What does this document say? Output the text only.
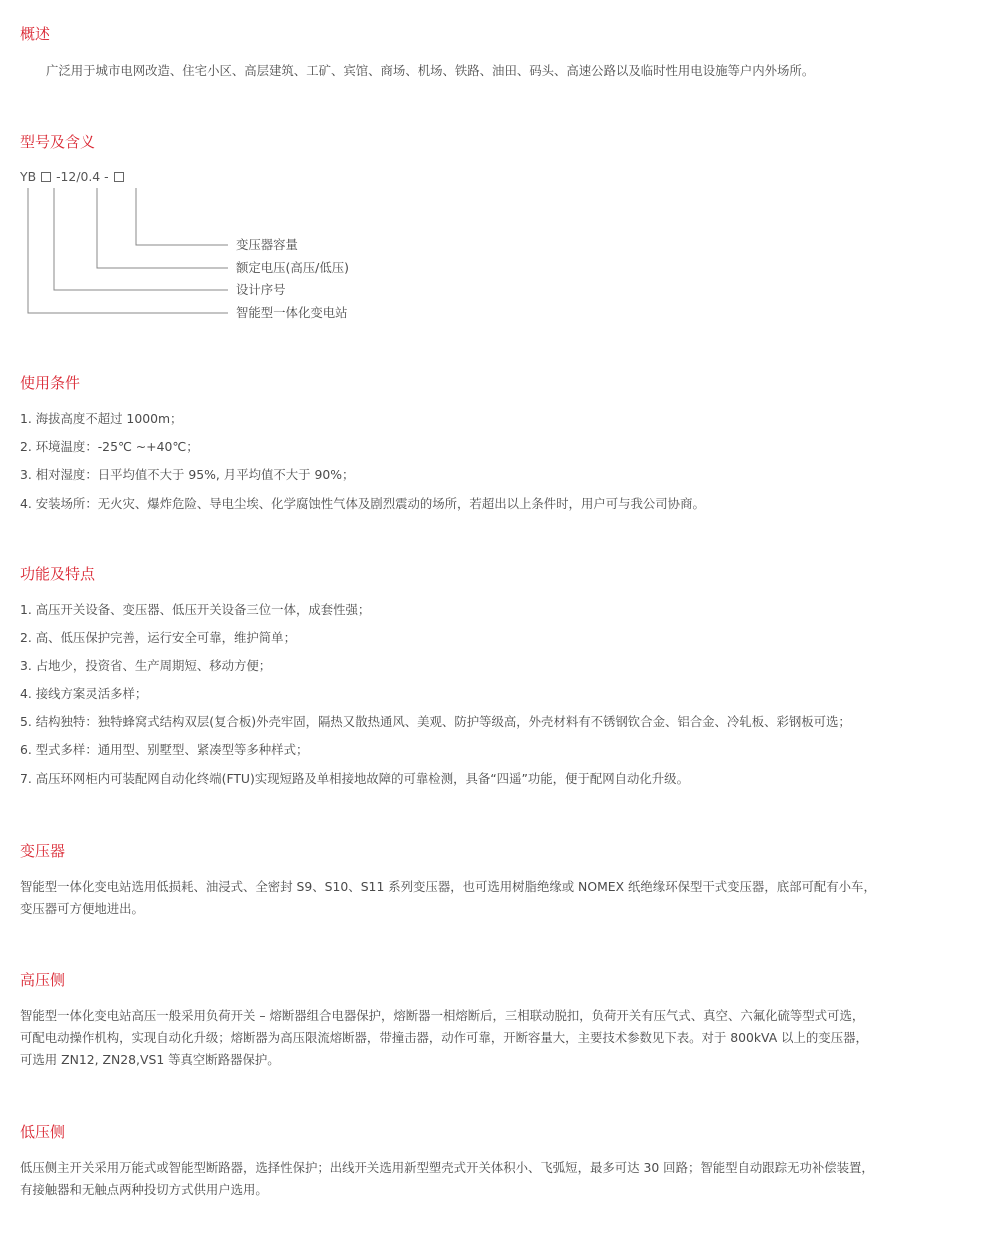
概述

广泛用于城市电网改造、住宅小区、高层建筑、工矿、宾馆、商场、机场、铁路、油田、码头、高速公路以及临时性用电设施等户内外场所。

型号及含义
YB -12/0.4 -
变压器容量
额定电压(高压/低压)
设计序号
智能型一体化变电站
使用条件

1. 海拔高度不超过 1000m；

2. 环境温度：-25℃ ~+40℃；

3. 相对湿度：日平均值不大于 95%, 月平均值不大于 90%；

4. 安装场所：无火灾、爆炸危险、导电尘埃、化学腐蚀性气体及剧烈震动的场所，若超出以上条件时，用户可与我公司协商。

功能及特点

1. 高压开关设备、变压器、低压开关设备三位一体，成套性强；

2. 高、低压保护完善，运行安全可靠，维护简单；

3. 占地少，投资省、生产周期短、移动方便；

4. 接线方案灵活多样；

5. 结构独特：独特蜂窝式结构双层(复合板)外壳牢固，隔热又散热通风、美观、防护等级高，外壳材料有不锈钢钦合金、铝合金、冷轧板、彩钢板可选；

6. 型式多样：通用型、别墅型、紧凑型等多种样式；

7. 高压环网柜内可装配网自动化终端(FTU)实现短路及单相接地故障的可靠检测，具备“四遥”功能，便于配网自动化升级。

变压器

智能型一体化变电站选用低损耗、油浸式、全密封 S9、S10、S11 系列变压器，也可选用树脂绝缘或 NOMEX 纸绝缘环保型干式变压器，底部可配有小车，

变压器可方便地进出。

高压侧

智能型一体化变电站高压一般采用负荷开关 – 熔断器组合电器保护，熔断器一相熔断后，三相联动脱扣，负荷开关有压气式、真空、六氟化硫等型式可选，

可配电动操作机构，实现自动化升级；熔断器为高压限流熔断器，带撞击器，动作可靠，开断容量大，主要技术参数见下表。对于 800kVA 以上的变压器，

可选用 ZN12, ZN28,VS1 等真空断路器保护。

低压侧

低压侧主开关采用万能式或智能型断路器，选择性保护；出线开关选用新型塑壳式开关体积小、飞弧短，最多可达 30 回路；智能型自动跟踪无功补偿装置，

有接触器和无触点两种投切方式供用户选用。
